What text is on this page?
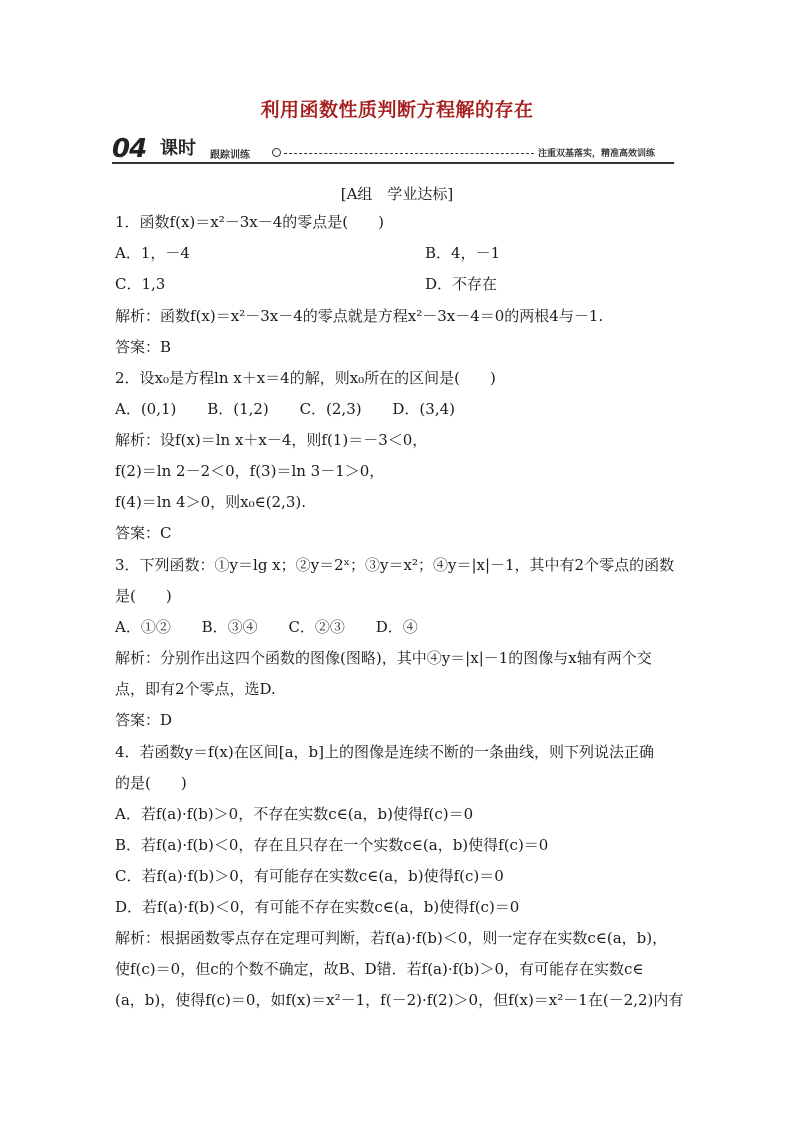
利用函数性质判断方程解的存在
04 课时 跟踪训练	注重双基落实，精准高效训练
[A组　学业达标]
1．函数f(x)＝x²－3x－4的零点是(　　)
A．1，－4	B．4，－1
C．1,3	D．不存在
解析：函数f(x)＝x²－3x－4的零点就是方程x²－3x－4＝0的两根4与－1.
答案：B
2．设x₀是方程ln x＋x＝4的解，则x₀所在的区间是(　　)
A．(0,1) B．(1,2) C．(2,3) D．(3,4)
解析：设f(x)＝ln x＋x－4，则f(1)＝－3＜0，
f(2)＝ln 2－2＜0，f(3)＝ln 3－1＞0，
f(4)＝ln 4＞0，则x₀∈(2,3).
答案：C
3．下列函数：①y＝lg x；②y＝2ˣ；③y＝x²；④y＝|x|－1，其中有2个零点的函数
是(　　)
A．①② B．③④ C．②③ D．④
解析：分别作出这四个函数的图像(图略)，其中④y＝|x|－1的图像与x轴有两个交
点，即有2个零点，选D.
答案：D
4．若函数y＝f(x)在区间[a，b]上的图像是连续不断的一条曲线，则下列说法正确
的是(　　)
A．若f(a)·f(b)＞0，不存在实数c∈(a，b)使得f(c)＝0
B．若f(a)·f(b)＜0，存在且只存在一个实数c∈(a，b)使得f(c)＝0
C．若f(a)·f(b)＞0，有可能存在实数c∈(a，b)使得f(c)＝0
D．若f(a)·f(b)＜0，有可能不存在实数c∈(a，b)使得f(c)＝0
解析：根据函数零点存在定理可判断，若f(a)·f(b)＜0，则一定存在实数c∈(a，b)，
使f(c)＝0，但c的个数不确定，故B、D错．若f(a)·f(b)＞0，有可能存在实数c∈
(a，b)，使得f(c)＝0，如f(x)＝x²－1，f(－2)·f(2)＞0，但f(x)＝x²－1在(－2,2)内有
